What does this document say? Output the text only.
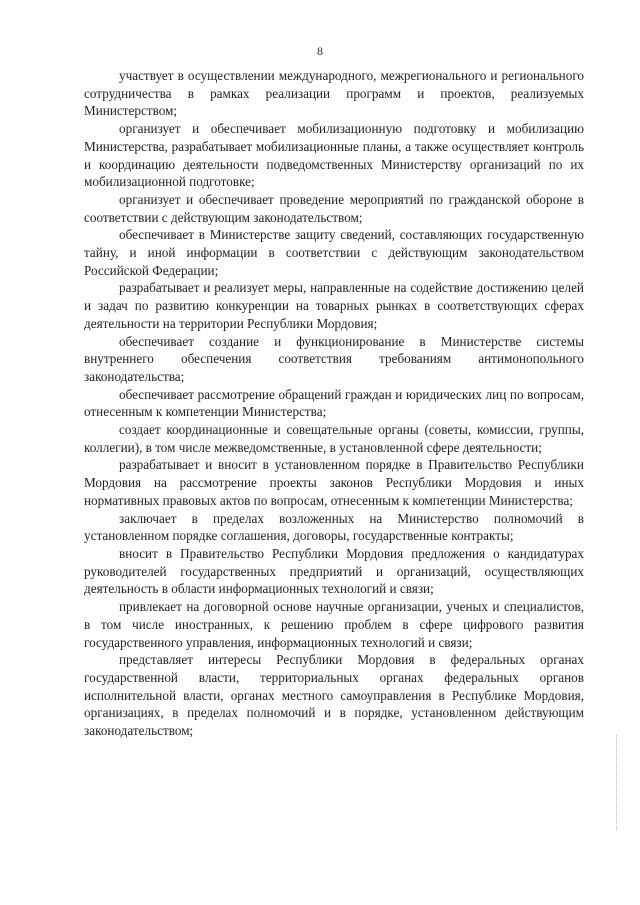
8

участвует в осуществлении международного, межрегионального и регионального сотрудничества в рамках реализации программ и проектов, реализуемых Министерством;

организует и обеспечивает мобилизационную подготовку и мобилизацию Министерства, разрабатывает мобилизационные планы, а также осуществляет контроль и координацию деятельности подведомственных Министерству организаций по их мобилизационной подготовке;

организует и обеспечивает проведение мероприятий по гражданской обороне в соответствии с действующим законодательством;

обеспечивает в Министерстве защиту сведений, составляющих государственную тайну, и иной информации в соответствии с действующим законодательством Российской Федерации;

разрабатывает и реализует меры, направленные на содействие достижению целей и задач по развитию конкуренции на товарных рынках в соответствующих сферах деятельности на территории Республики Мордовия;

обеспечивает создание и функционирование в Министерстве системы внутреннего обеспечения соответствия требованиям антимонопольного законодательства;

обеспечивает рассмотрение обращений граждан и юридических лиц по вопросам, отнесенным к компетенции Министерства;

создает координационные и совещательные органы (советы, комиссии, группы, коллегии), в том числе межведомственные, в установленной сфере деятельности;

разрабатывает и вносит в установленном порядке в Правительство Республики Мордовия на рассмотрение проекты законов Республики Мордовия и иных нормативных правовых актов по вопросам, отнесенным к компетенции Министерства;

заключает в пределах возложенных на Министерство полномочий в установленном порядке соглашения, договоры, государственные контракты;

вносит в Правительство Республики Мордовия предложения о кандидатурах руководителей государственных предприятий и организаций, осуществляющих деятельность в области информационных технологий и связи;

привлекает на договорной основе научные организации, ученых и специалистов, в том числе иностранных, к решению проблем в сфере цифрового развития государственного управления, информационных технологий и связи;

представляет интересы Республики Мордовия в федеральных органах государственной власти, территориальных органах федеральных органов исполнительной власти, органах местного самоуправления в Республике Мордовия, организациях, в пределах полномочий и в порядке, установленном действующим законодательством;
